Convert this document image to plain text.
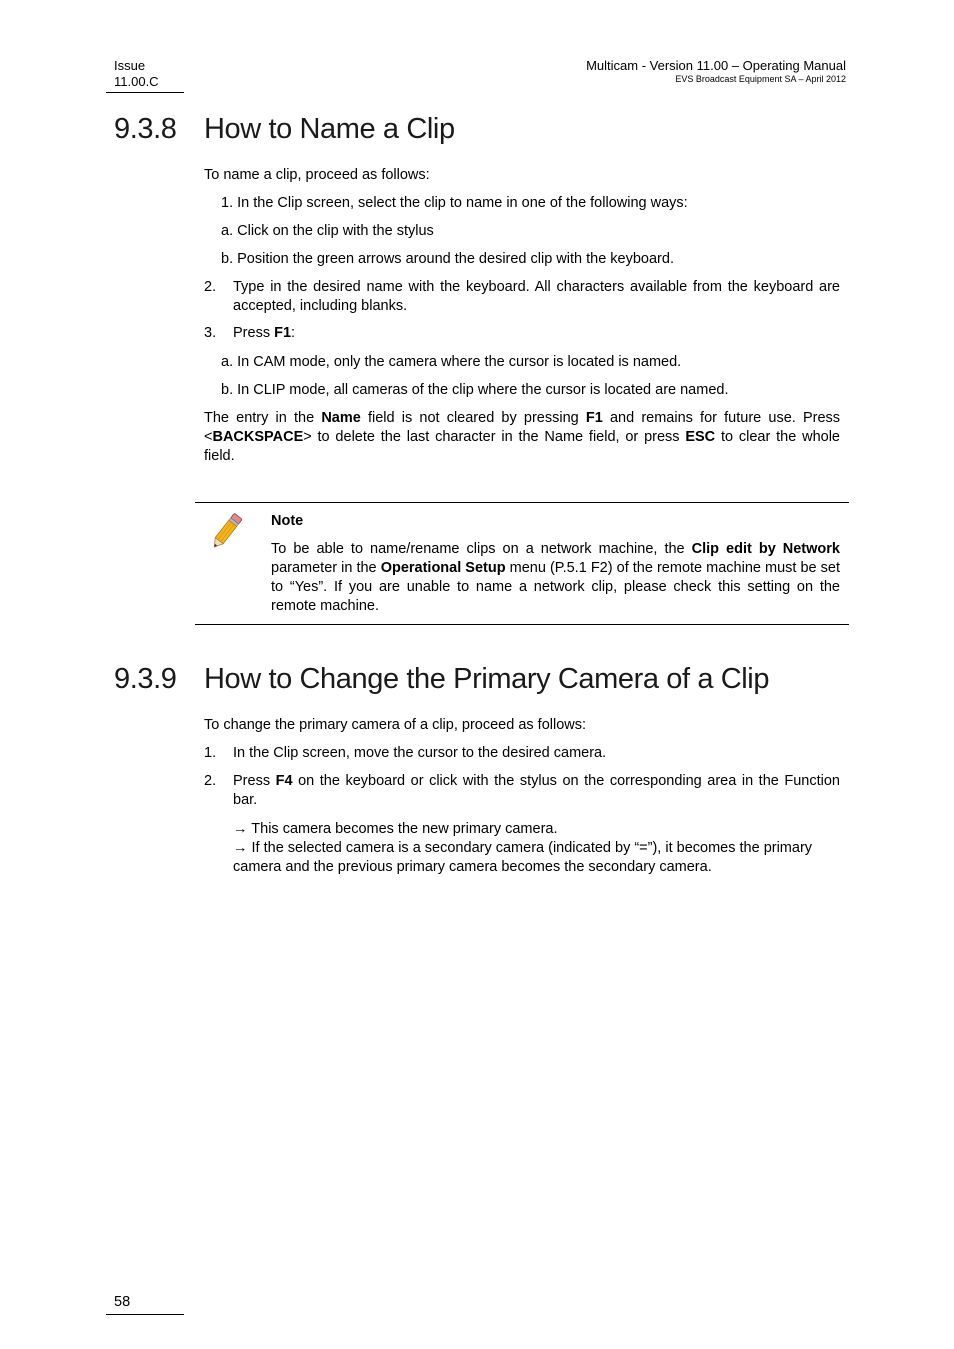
Issue
11.00.C
Multicam - Version 11.00 – Operating Manual
EVS Broadcast Equipment SA – April 2012
9.3.8 How to Name a Clip
To name a clip, proceed as follows:
1. In the Clip screen, select the clip to name in one of the following ways:
a. Click on the clip with the stylus
b. Position the green arrows around the desired clip with the keyboard.
2. Type in the desired name with the keyboard. All characters available from the keyboard are accepted, including blanks.
3. Press F1:
a. In CAM mode, only the camera where the cursor is located is named.
b. In CLIP mode, all cameras of the clip where the cursor is located are named.
The entry in the Name field is not cleared by pressing F1 and remains for future use. Press <BACKSPACE> to delete the last character in the Name field, or press ESC to clear the whole field.
Note
To be able to name/rename clips on a network machine, the Clip edit by Network parameter in the Operational Setup menu (P.5.1 F2) of the remote machine must be set to “Yes”. If you are unable to name a network clip, please check this setting on the remote machine.
9.3.9 How to Change the Primary Camera of a Clip
To change the primary camera of a clip, proceed as follows:
1. In the Clip screen, move the cursor to the desired camera.
2. Press F4 on the keyboard or click with the stylus on the corresponding area in the Function bar.
→ This camera becomes the new primary camera.
→ If the selected camera is a secondary camera (indicated by “=”), it becomes the primary camera and the previous primary camera becomes the secondary camera.
58
